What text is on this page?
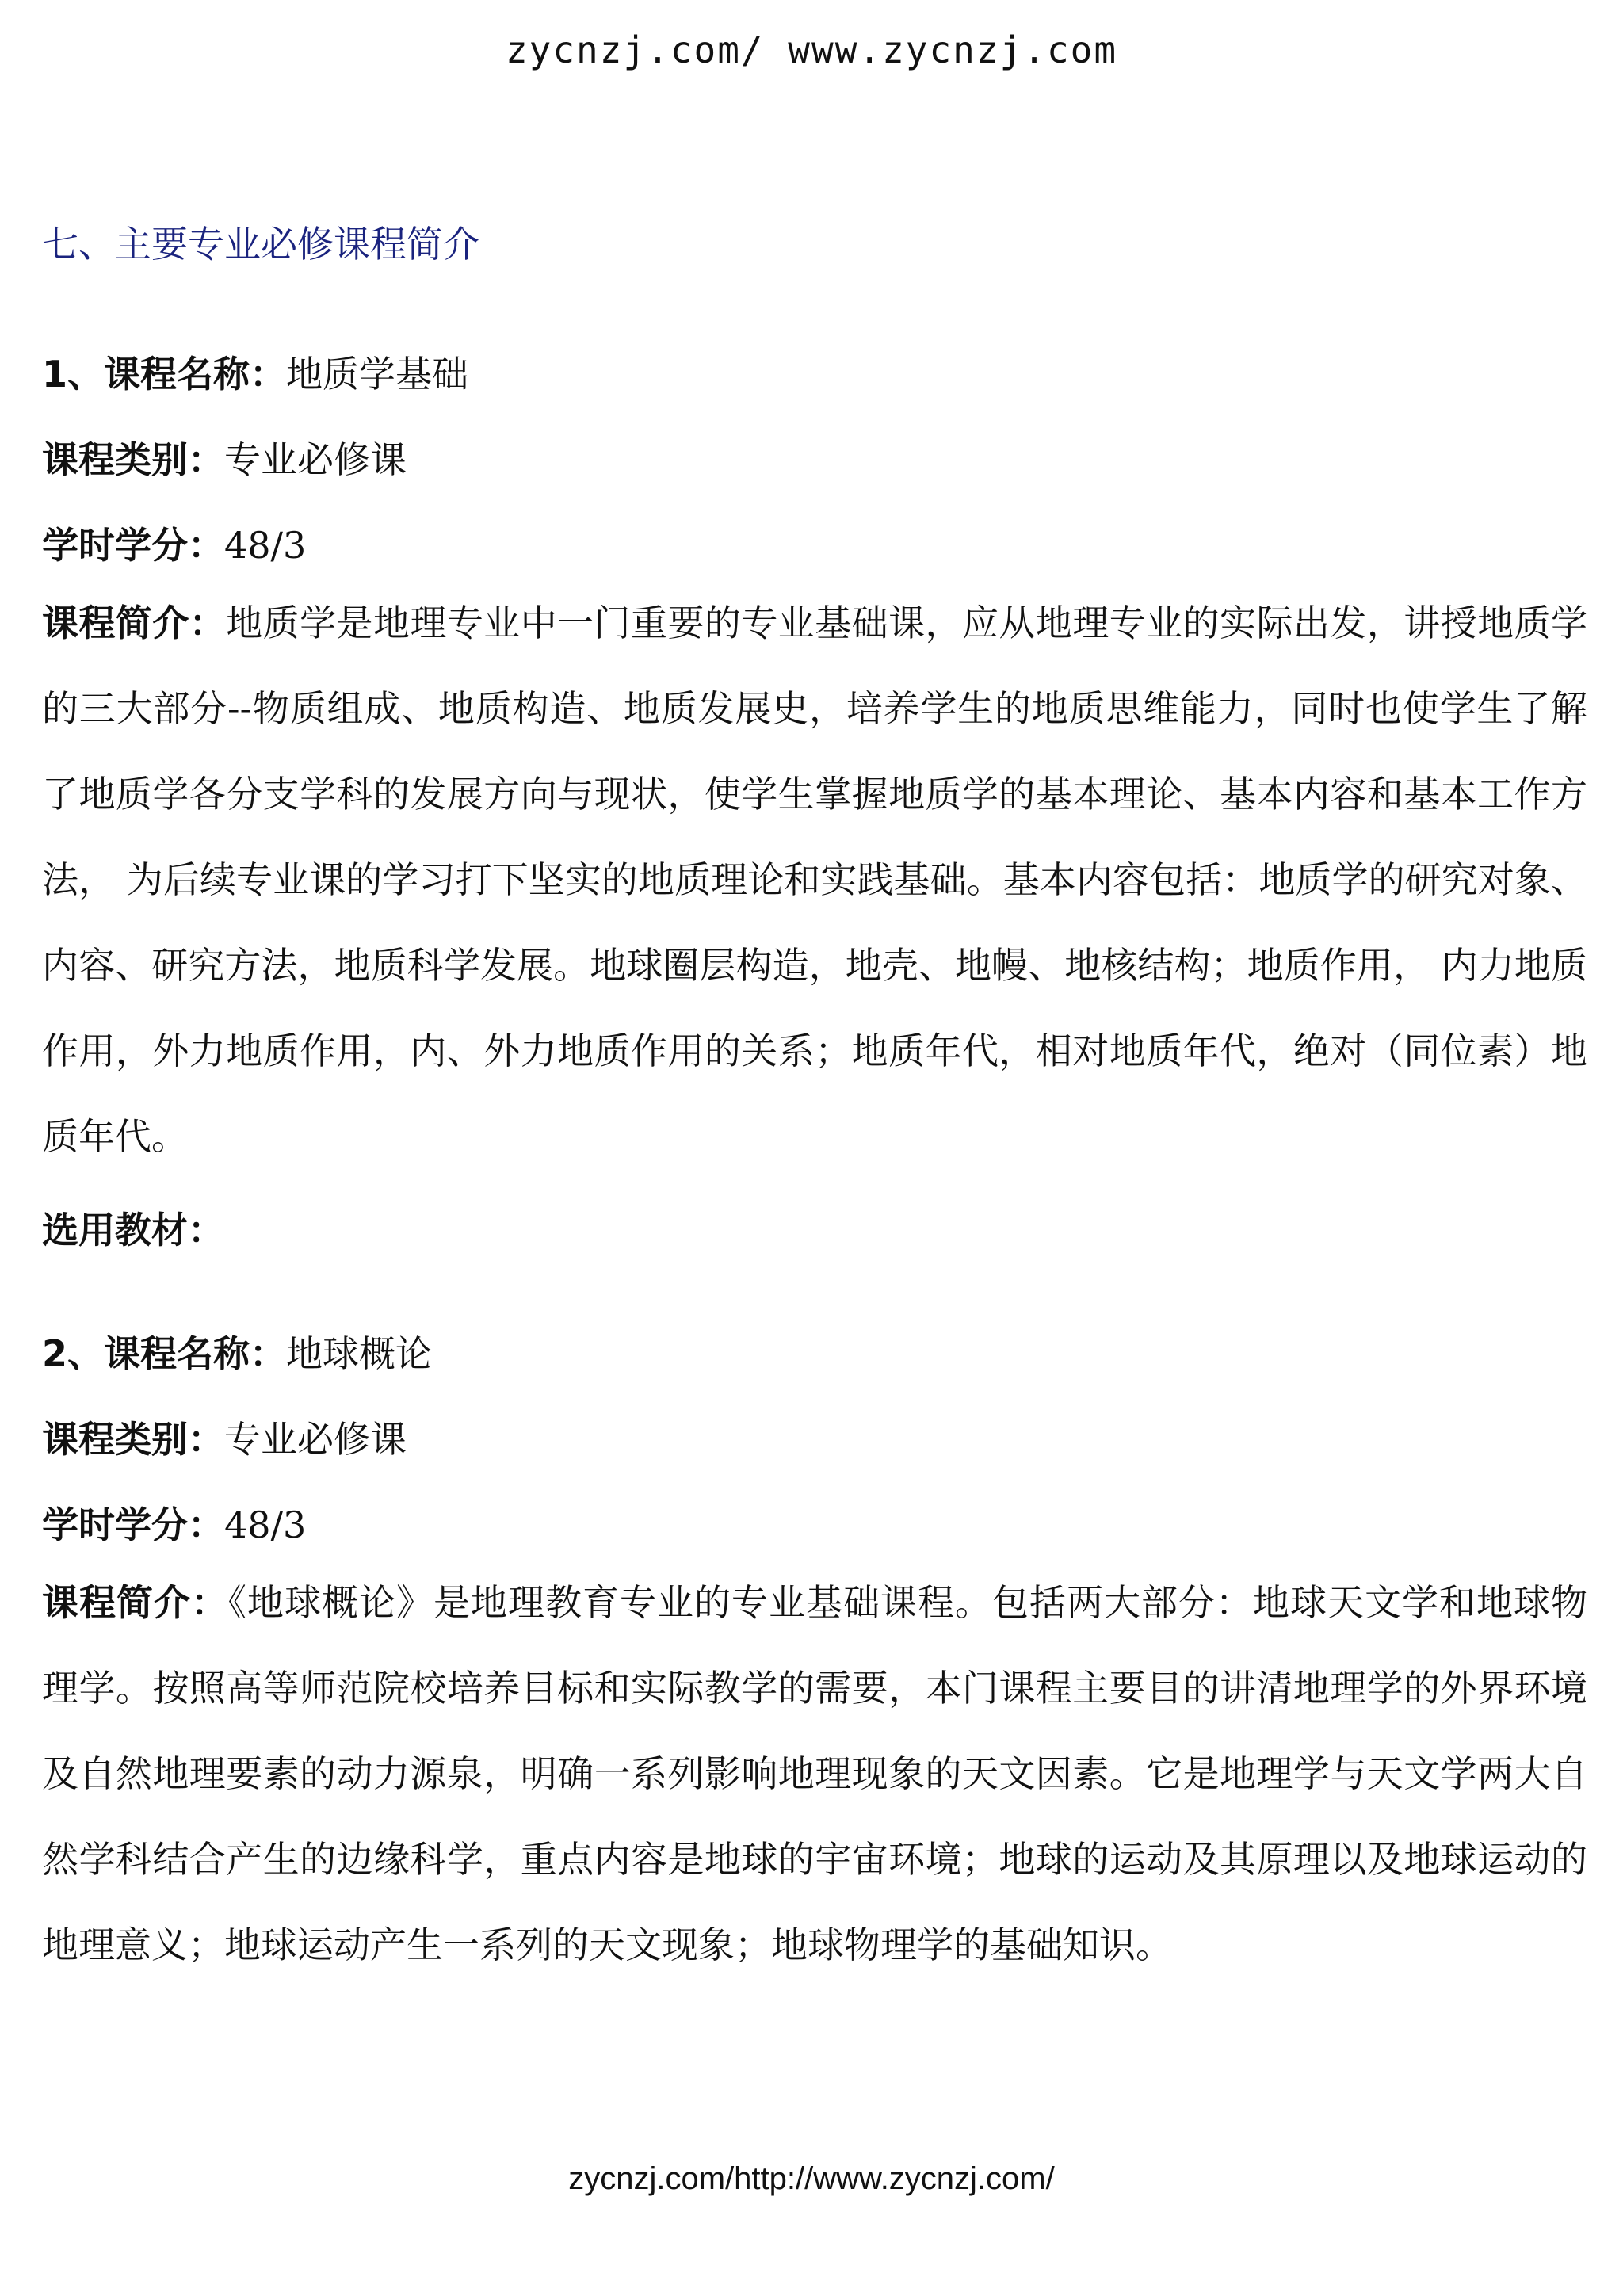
zycnzj.com/ www.zycnzj.com
七、主要专业必修课程简介
1、课程名称：地质学基础
课程类别：专业必修课
学时学分：48/3
课程简介：地质学是地理专业中一门重要的专业基础课，应从地理专业的实际出发，讲授地质学的三大部分--物质组成、地质构造、地质发展史，培养学生的地质思维能力，同时也使学生了解了地质学各分支学科的发展方向与现状，使学生掌握地质学的基本理论、基本内容和基本工作方法， 为后续专业课的学习打下坚实的地质理论和实践基础。基本内容包括：地质学的研究对象、内容、研究方法，地质科学发展。地球圈层构造，地壳、地幔、地核结构；地质作用， 内力地质作用，外力地质作用，内、外力地质作用的关系；地质年代，相对地质年代，绝对（同位素）地质年代。
选用教材：
2、课程名称：地球概论
课程类别：专业必修课
学时学分：48/3
课程简介：《地球概论》是地理教育专业的专业基础课程。包括两大部分：地球天文学和地球物理学。按照高等师范院校培养目标和实际教学的需要，本门课程主要目的讲清地理学的外界环境及自然地理要素的动力源泉，明确一系列影响地理现象的天文因素。它是地理学与天文学两大自然学科结合产生的边缘科学，重点内容是地球的宇宙环境；地球的运动及其原理以及地球运动的地理意义；地球运动产生一系列的天文现象；地球物理学的基础知识。
zycnzj.com/http://www.zycnzj.com/
